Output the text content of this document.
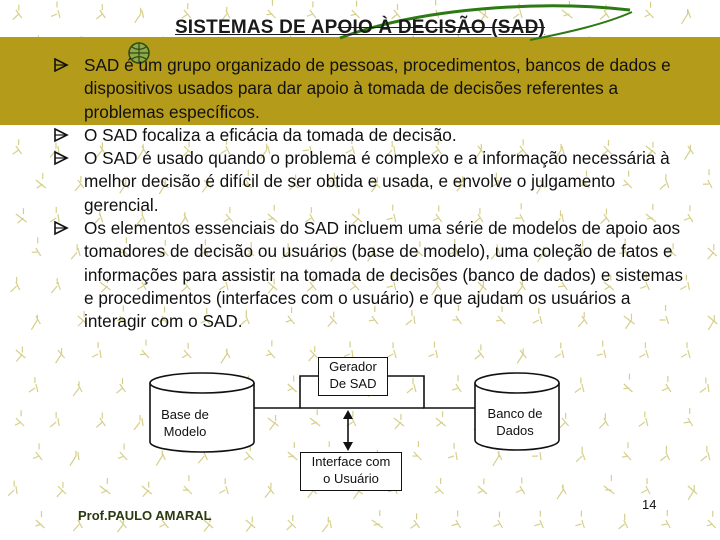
SISTEMAS DE APOIO À DECISÃO (SAD)
SAD é um grupo organizado de pessoas, procedimentos, bancos de dados e dispositivos usados para dar apoio à tomada de decisões referentes a problemas específicos.
O SAD focaliza a eficácia da tomada de decisão.
O SAD é usado quando o problema é complexo e a informação necessária à melhor decisão é difícil de ser obtida e usada, e envolve o julgamento gerencial.
Os elementos essenciais do SAD incluem uma série de modelos de apoio aos tomadores de decisão ou usuários (base de modelo), uma coleção de fatos e informações para assistir na tomada de decisões (banco de dados) e sistemas e procedimentos (interfaces com o usuário) e que ajudam os usuários a interagir com o SAD.
Gerador
De SAD
Interface com
o Usuário
Base de
Modelo
Banco de
Dados
Prof.PAULO AMARAL
14
